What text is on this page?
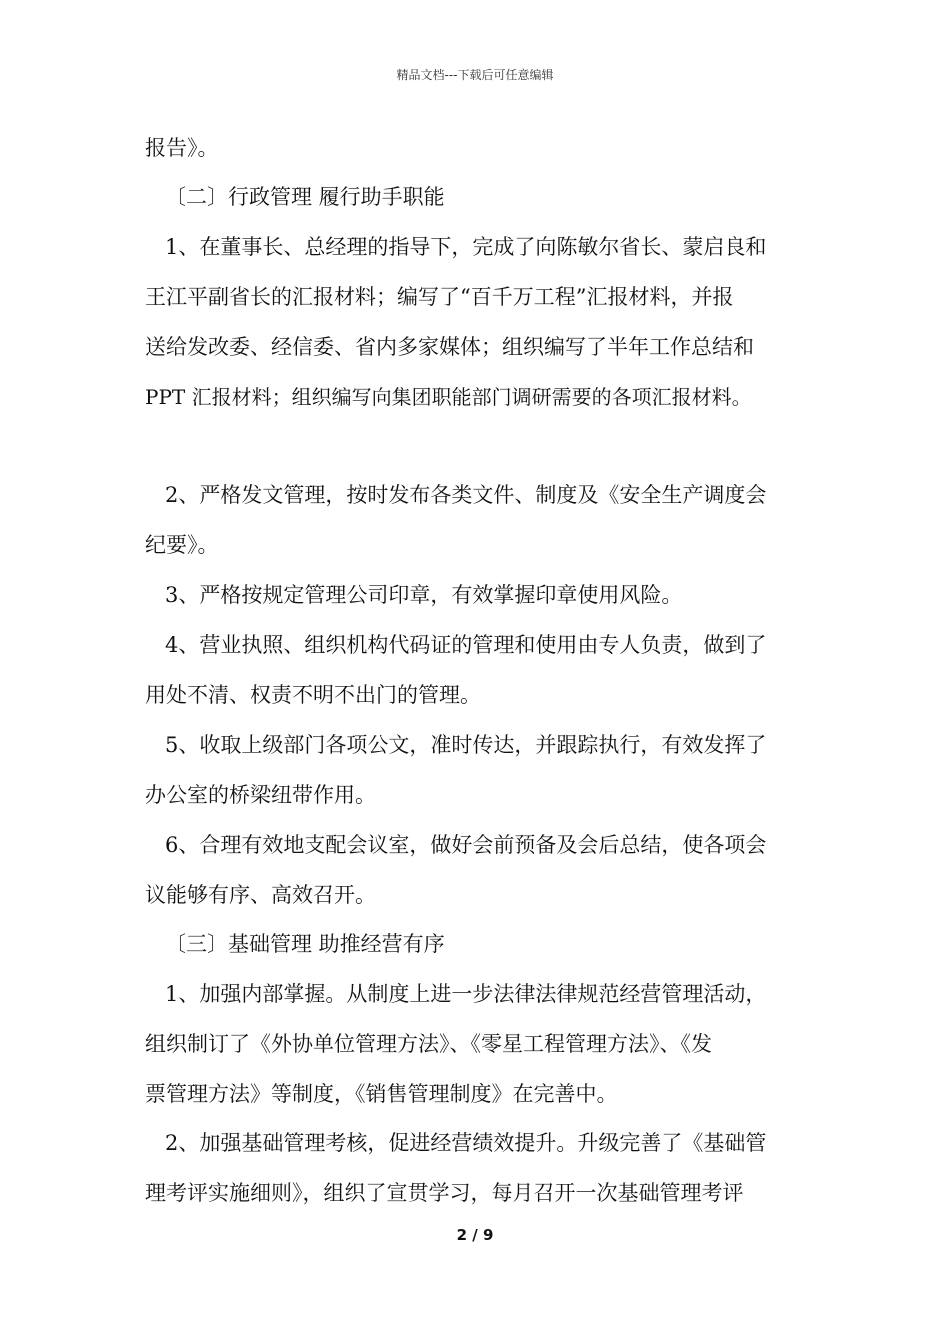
精品文档---下载后可任意编辑
报告》。
〔二〕行政管理 履行助手职能
1、在董事长、总经理的指导下，完成了向陈敏尔省长、蒙启良和
王江平副省长的汇报材料；编写了“百千万工程”汇报材料，并报
送给发改委、经信委、省内多家媒体；组织编写了半年工作总结和
PPT 汇报材料；组织编写向集团职能部门调研需要的各项汇报材料。
2、严格发文管理，按时发布各类文件、制度及《安全生产调度会
纪要》。
3、严格按规定管理公司印章，有效掌握印章使用风险。
4、营业执照、组织机构代码证的管理和使用由专人负责，做到了
用处不清、权责不明不出门的管理。
5、收取上级部门各项公文，准时传达，并跟踪执行，有效发挥了
办公室的桥梁纽带作用。
6、合理有效地支配会议室，做好会前预备及会后总结，使各项会
议能够有序、高效召开。
〔三〕基础管理 助推经营有序
1、加强内部掌握。从制度上进一步法律法律规范经营管理活动，
组织制订了《外协单位管理方法》、《零星工程管理方法》、《发
票管理方法》等制度，《销售管理制度》在完善中。
2、加强基础管理考核，促进经营绩效提升。升级完善了《基础管
理考评实施细则》，组织了宣贯学习，每月召开一次基础管理考评
2 / 9
